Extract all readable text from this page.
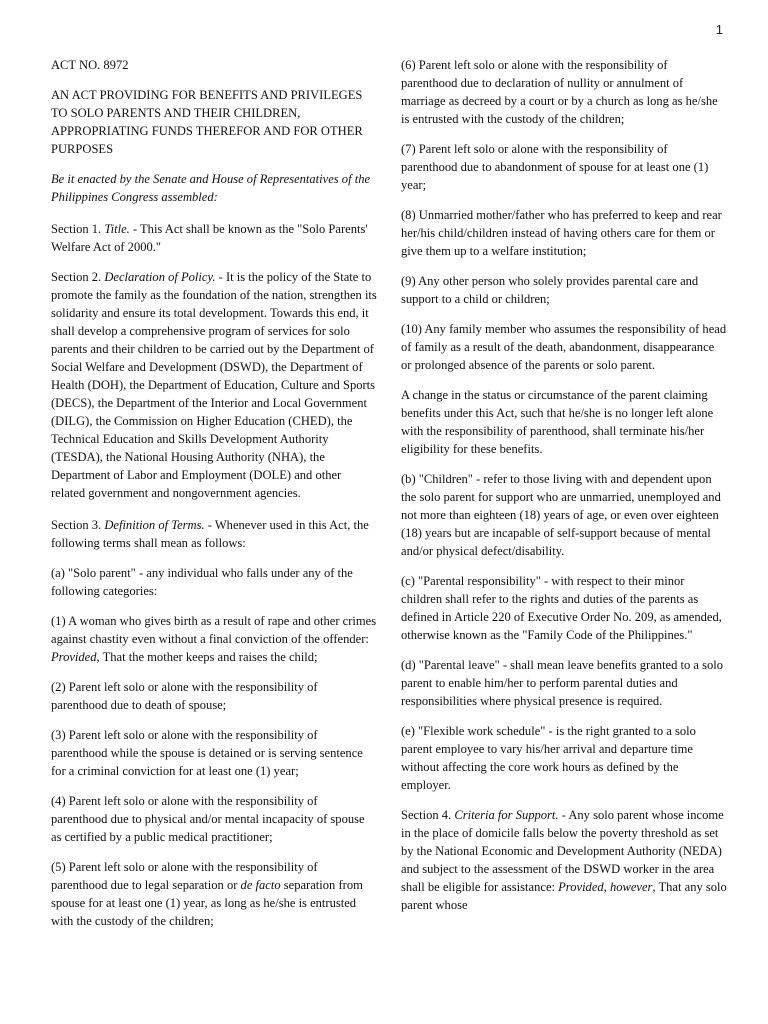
1

ACT NO. 8972

AN ACT PROVIDING FOR BENEFITS AND PRIVILEGES TO SOLO PARENTS AND THEIR CHILDREN, APPROPRIATING FUNDS THEREFOR AND FOR OTHER PURPOSES

Be it enacted by the Senate and House of Representatives of the Philippines Congress assembled:

Section 1. Title. - This Act shall be known as the "Solo Parents' Welfare Act of 2000."

Section 2. Declaration of Policy. - It is the policy of the State to promote the family as the foundation of the nation, strengthen its solidarity and ensure its total development. Towards this end, it shall develop a comprehensive program of services for solo parents and their children to be carried out by the Department of Social Welfare and Development (DSWD), the Department of Health (DOH), the Department of Education, Culture and Sports (DECS), the Department of the Interior and Local Government (DILG), the Commission on Higher Education (CHED), the Technical Education and Skills Development Authority (TESDA), the National Housing Authority (NHA), the Department of Labor and Employment (DOLE) and other related government and nongovernment agencies.

Section 3. Definition of Terms. - Whenever used in this Act, the following terms shall mean as follows:

(a) "Solo parent" - any individual who falls under any of the following categories:

(1) A woman who gives birth as a result of rape and other crimes against chastity even without a final conviction of the offender: Provided, That the mother keeps and raises the child;

(2) Parent left solo or alone with the responsibility of parenthood due to death of spouse;

(3) Parent left solo or alone with the responsibility of parenthood while the spouse is detained or is serving sentence for a criminal conviction for at least one (1) year;

(4) Parent left solo or alone with the responsibility of parenthood due to physical and/or mental incapacity of spouse as certified by a public medical practitioner;

(5) Parent left solo or alone with the responsibility of parenthood due to legal separation or de facto separation from spouse for at least one (1) year, as long as he/she is entrusted with the custody of the children;

(6) Parent left solo or alone with the responsibility of parenthood due to declaration of nullity or annulment of marriage as decreed by a court or by a church as long as he/she is entrusted with the custody of the children;

(7) Parent left solo or alone with the responsibility of parenthood due to abandonment of spouse for at least one (1) year;

(8) Unmarried mother/father who has preferred to keep and rear her/his child/children instead of having others care for them or give them up to a welfare institution;

(9) Any other person who solely provides parental care and support to a child or children;

(10) Any family member who assumes the responsibility of head of family as a result of the death, abandonment, disappearance or prolonged absence of the parents or solo parent.

A change in the status or circumstance of the parent claiming benefits under this Act, such that he/she is no longer left alone with the responsibility of parenthood, shall terminate his/her eligibility for these benefits.

(b) "Children" - refer to those living with and dependent upon the solo parent for support who are unmarried, unemployed and not more than eighteen (18) years of age, or even over eighteen (18) years but are incapable of self-support because of mental and/or physical defect/disability.

(c) "Parental responsibility" - with respect to their minor children shall refer to the rights and duties of the parents as defined in Article 220 of Executive Order No. 209, as amended, otherwise known as the "Family Code of the Philippines."

(d) "Parental leave" - shall mean leave benefits granted to a solo parent to enable him/her to perform parental duties and responsibilities where physical presence is required.

(e) "Flexible work schedule" - is the right granted to a solo parent employee to vary his/her arrival and departure time without affecting the core work hours as defined by the employer.

Section 4. Criteria for Support. - Any solo parent whose income in the place of domicile falls below the poverty threshold as set by the National Economic and Development Authority (NEDA) and subject to the assessment of the DSWD worker in the area shall be eligible for assistance: Provided, however, That any solo parent whose
